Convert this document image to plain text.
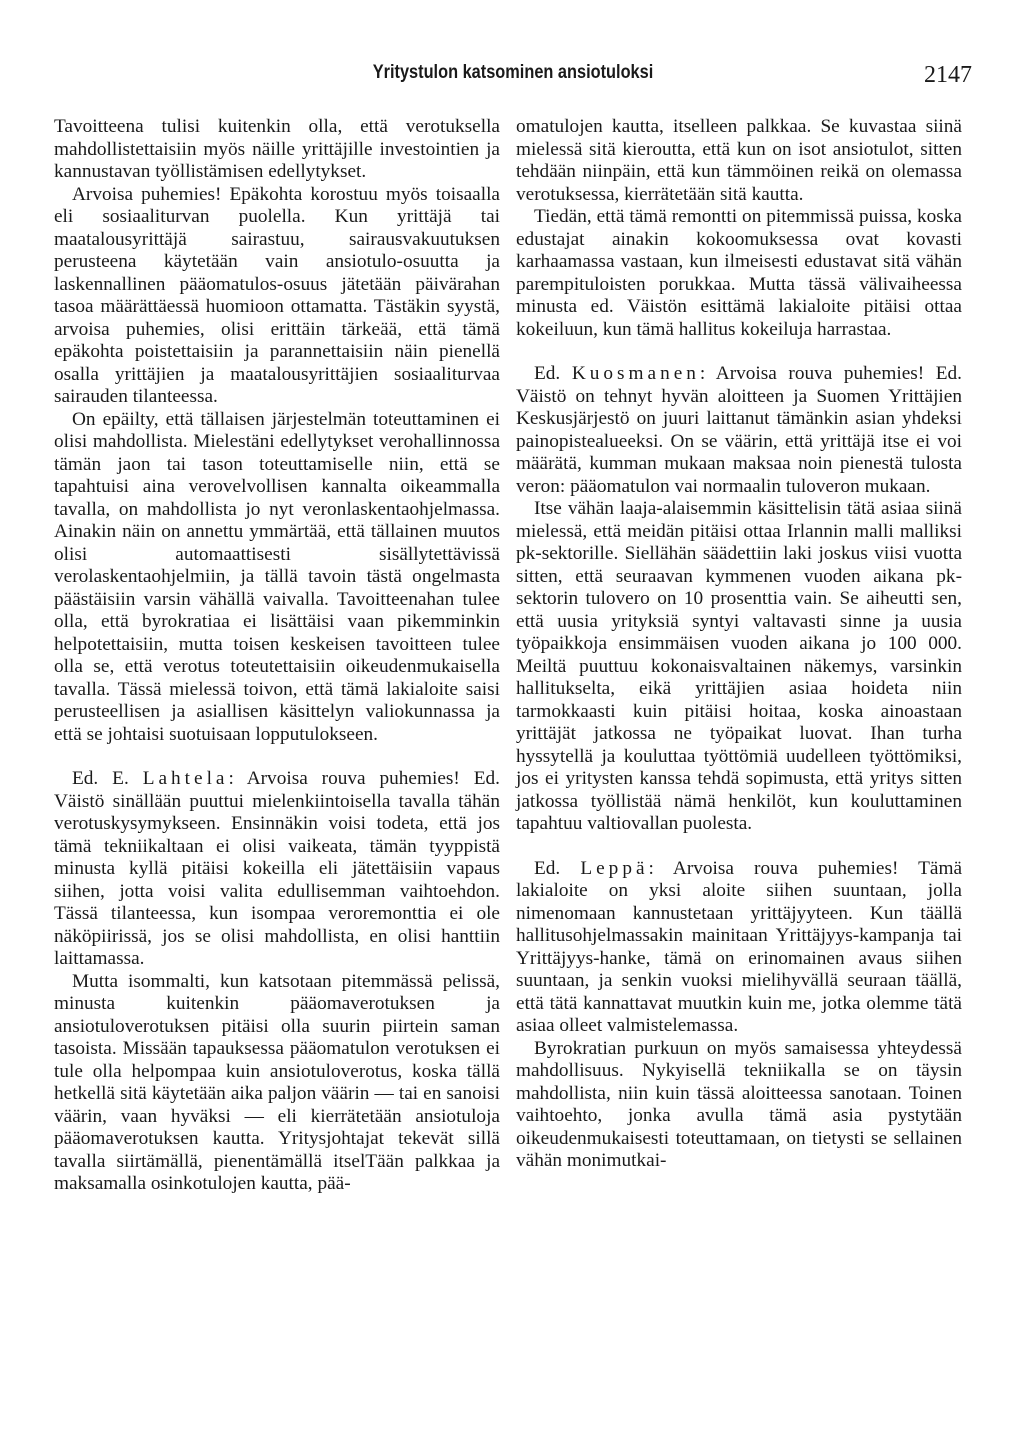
Yritystulon katsominen ansiotuloksi	2147

Tavoitteena tulisi kuitenkin olla, että verotuksella mahdollistettaisiin myös näille yrittäjille investointien ja kannustavan työllistämisen edellytykset.

Arvoisa puhemies! Epäkohta korostuu myös toisaalla eli sosiaaliturvan puolella. Kun yrittäjä tai maatalousyrittäjä sairastuu, sairausvakuutuksen perusteena käytetään vain ansiotulo-osuutta ja laskennallinen pääomatulos-osuus jätetään päivärahan tasoa määrättäessä huomioon ottamatta. Tästäkin syystä, arvoisa puhemies, olisi erittäin tärkeää, että tämä epäkohta poistettaisiin ja parannettaisiin näin pienellä osalla yrittäjien ja maatalousyrittäjien sosiaaliturvaa sairauden tilanteessa.

On epäilty, että tällaisen järjestelmän toteuttaminen ei olisi mahdollista. Mielestäni edellytykset verohallinnossa tämän jaon tai tason toteuttamiselle niin, että se tapahtuisi aina verovelvollisen kannalta oikeammalla tavalla, on mahdollista jo nyt veronlaskentaohjelmassa. Ainakin näin on annettu ymmärtää, että tällainen muutos olisi automaattisesti sisällytettävissä verolaskentaohjelmiin, ja tällä tavoin tästä ongelmasta päästäisiin varsin vähällä vaivalla. Tavoitteenahan tulee olla, että byrokratiaa ei lisättäisi vaan pikemminkin helpotettaisiin, mutta toisen keskeisen tavoitteen tulee olla se, että verotus toteutettaisiin oikeudenmukaisella tavalla. Tässä mielessä toivon, että tämä lakialoite saisi perusteellisen ja asiallisen käsittelyn valiokunnassa ja että se johtaisi suotuisaan lopputulokseen.

Ed. E. Lahtela: Arvoisa rouva puhemies! Ed. Väistö sinällään puuttui mielenkiintoisella tavalla tähän verotuskysymykseen. Ensinnäkin voisi todeta, että jos tämä tekniikaltaan ei olisi vaikeata, tämän tyyppistä minusta kyllä pitäisi kokeilla eli jätettäisiin vapaus siihen, jotta voisi valita edullisemman vaihtoehdon. Tässä tilanteessa, kun isompaa veroremonttia ei ole näköpiirissä, jos se olisi mahdollista, en olisi hanttiin laittamassa.

Mutta isommalti, kun katsotaan pitemmässä pelissä, minusta kuitenkin pääomaverotuksen ja ansiotuloverotuksen pitäisi olla suurin piirtein saman tasoista. Missään tapauksessa pääomatulon verotuksen ei tule olla helpompaa kuin ansiotuloverotus, koska tällä hetkellä sitä käytetään aika paljon väärin — tai en sanoisi väärin, vaan hyväksi — eli kierrätetään ansiotuloja pääomaverotuksen kautta. Yritysjohtajat tekevät sillä tavalla siirtämällä, pienentämällä itselTään palkkaa ja maksamalla osinkotulojen kautta, pää-

omatulojen kautta, itselleen palkkaa. Se kuvastaa siinä mielessä sitä kieroutta, että kun on isot ansiotulot, sitten tehdään niinpäin, että kun tämmöinen reikä on olemassa verotuksessa, kierrätetään sitä kautta.

Tiedän, että tämä remontti on pitemmissä puissa, koska edustajat ainakin kokoomuksessa ovat kovasti karhaamassa vastaan, kun ilmeisesti edustavat sitä vähän parempituloisten porukkaa. Mutta tässä välivaiheessa minusta ed. Väistön esittämä lakialoite pitäisi ottaa kokeiluun, kun tämä hallitus kokeiluja harrastaa.

Ed. Kuosmanen: Arvoisa rouva puhemies! Ed. Väistö on tehnyt hyvän aloitteen ja Suomen Yrittäjien Keskusjärjestö on juuri laittanut tämänkin asian yhdeksi painopistealueeksi. On se väärin, että yrittäjä itse ei voi määrätä, kumman mukaan maksaa noin pienestä tulosta veron: pääomatulon vai normaalin tuloveron mukaan.

Itse vähän laaja-alaisemmin käsittelisin tätä asiaa siinä mielessä, että meidän pitäisi ottaa Irlannin malli malliksi pk-sektorille. Siellähän säädettiin laki joskus viisi vuotta sitten, että seuraavan kymmenen vuoden aikana pk-sektorin tulovero on 10 prosenttia vain. Se aiheutti sen, että uusia yrityksiä syntyi valtavasti sinne ja uusia työpaikkoja ensimmäisen vuoden aikana jo 100 000. Meiltä puuttuu kokonaisvaltainen näkemys, varsinkin hallitukselta, eikä yrittäjien asiaa hoideta niin tarmokkaasti kuin pitäisi hoitaa, koska ainoastaan yrittäjät jatkossa ne työpaikat luovat. Ihan turha hyssytellä ja kouluttaa työttömiä uudelleen työttömiksi, jos ei yritysten kanssa tehdä sopimusta, että yritys sitten jatkossa työllistää nämä henkilöt, kun kouluttaminen tapahtuu valtiovallan puolesta.

Ed. Leppä: Arvoisa rouva puhemies! Tämä lakialoite on yksi aloite siihen suuntaan, jolla nimenomaan kannustetaan yrittäjyyteen. Kun täällä hallitusohjelmassakin mainitaan Yrittäjyys-kampanja tai Yrittäjyys-hanke, tämä on erinomainen avaus siihen suuntaan, ja senkin vuoksi mielihyvällä seuraan täällä, että tätä kannattavat muutkin kuin me, jotka olemme tätä asiaa olleet valmistelemassa.

Byrokratian purkuun on myös samaisessa yhteydessä mahdollisuus. Nykyisellä tekniikalla se on täysin mahdollista, niin kuin tässä aloitteessa sanotaan. Toinen vaihtoehto, jonka avulla tämä asia pystytään oikeudenmukaisesti toteuttamaan, on tietysti se sellainen vähän monimutkai-
